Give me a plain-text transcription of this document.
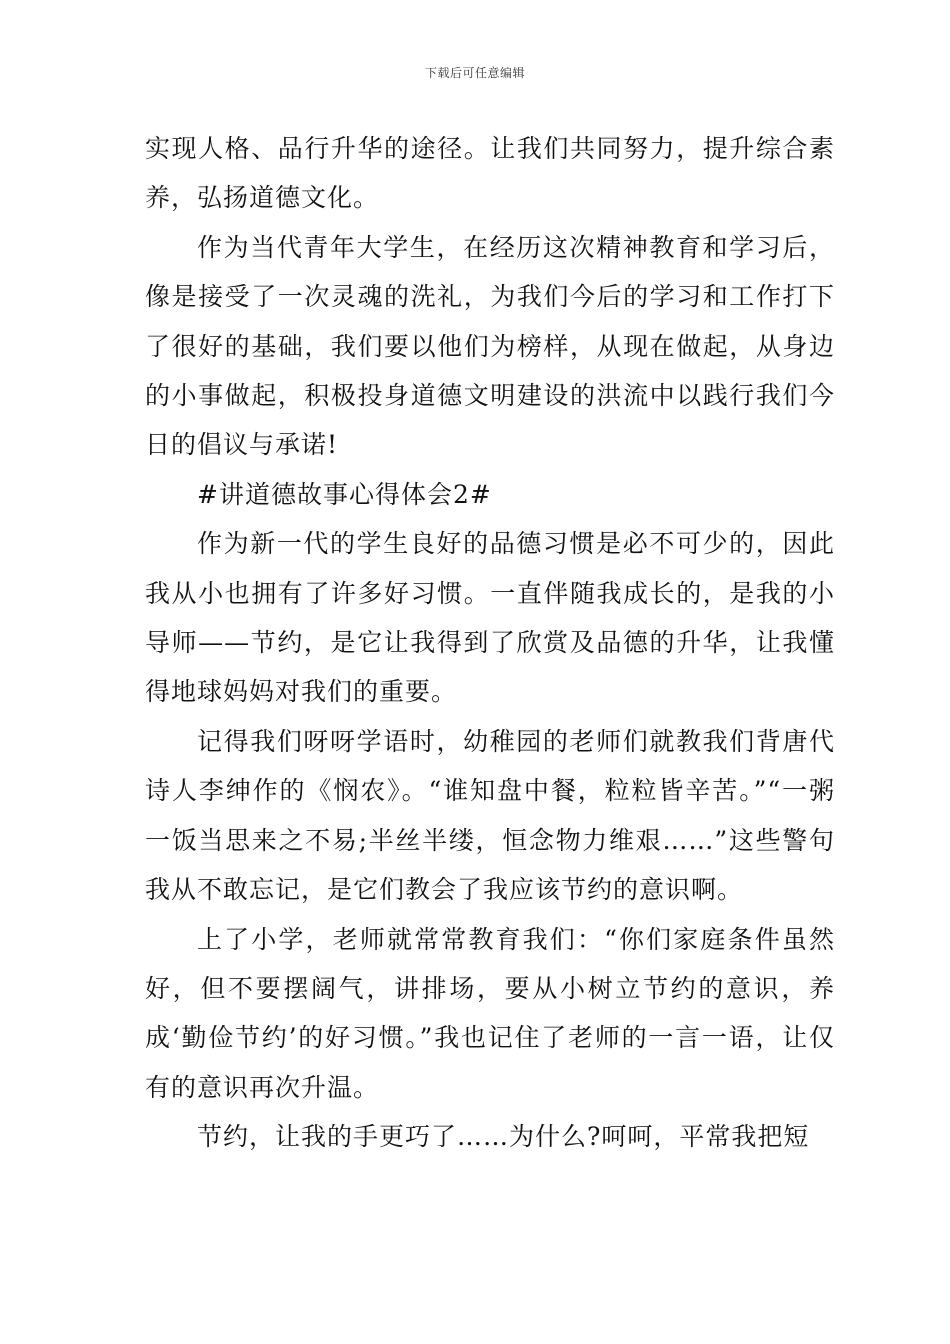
下载后可任意编辑

实现人格、品行升华的途径。让我们共同努力，提升综合素养，弘扬道德文化。

作为当代青年大学生，在经历这次精神教育和学习后，像是接受了一次灵魂的洗礼，为我们今后的学习和工作打下了很好的基础，我们要以他们为榜样，从现在做起，从身边的小事做起，积极投身道德文明建设的洪流中以践行我们今日的倡议与承诺!

#讲道德故事心得体会2#

作为新一代的学生良好的品德习惯是必不可少的，因此我从小也拥有了许多好习惯。一直伴随我成长的，是我的小导师——节约，是它让我得到了欣赏及品德的升华，让我懂得地球妈妈对我们的重要。

记得我们呀呀学语时，幼稚园的老师们就教我们背唐代诗人李绅作的《悯农》。“谁知盘中餐，粒粒皆辛苦。”“一粥一饭当思来之不易;半丝半缕，恒念物力维艰……”这些警句我从不敢忘记，是它们教会了我应该节约的意识啊。

上了小学，老师就常常教育我们：“你们家庭条件虽然好，但不要摆阔气，讲排场，要从小树立节约的意识，养成‘勤俭节约’的好习惯。”我也记住了老师的一言一语，让仅有的意识再次升温。

节约，让我的手更巧了……为什么?呵呵，平常我把短
